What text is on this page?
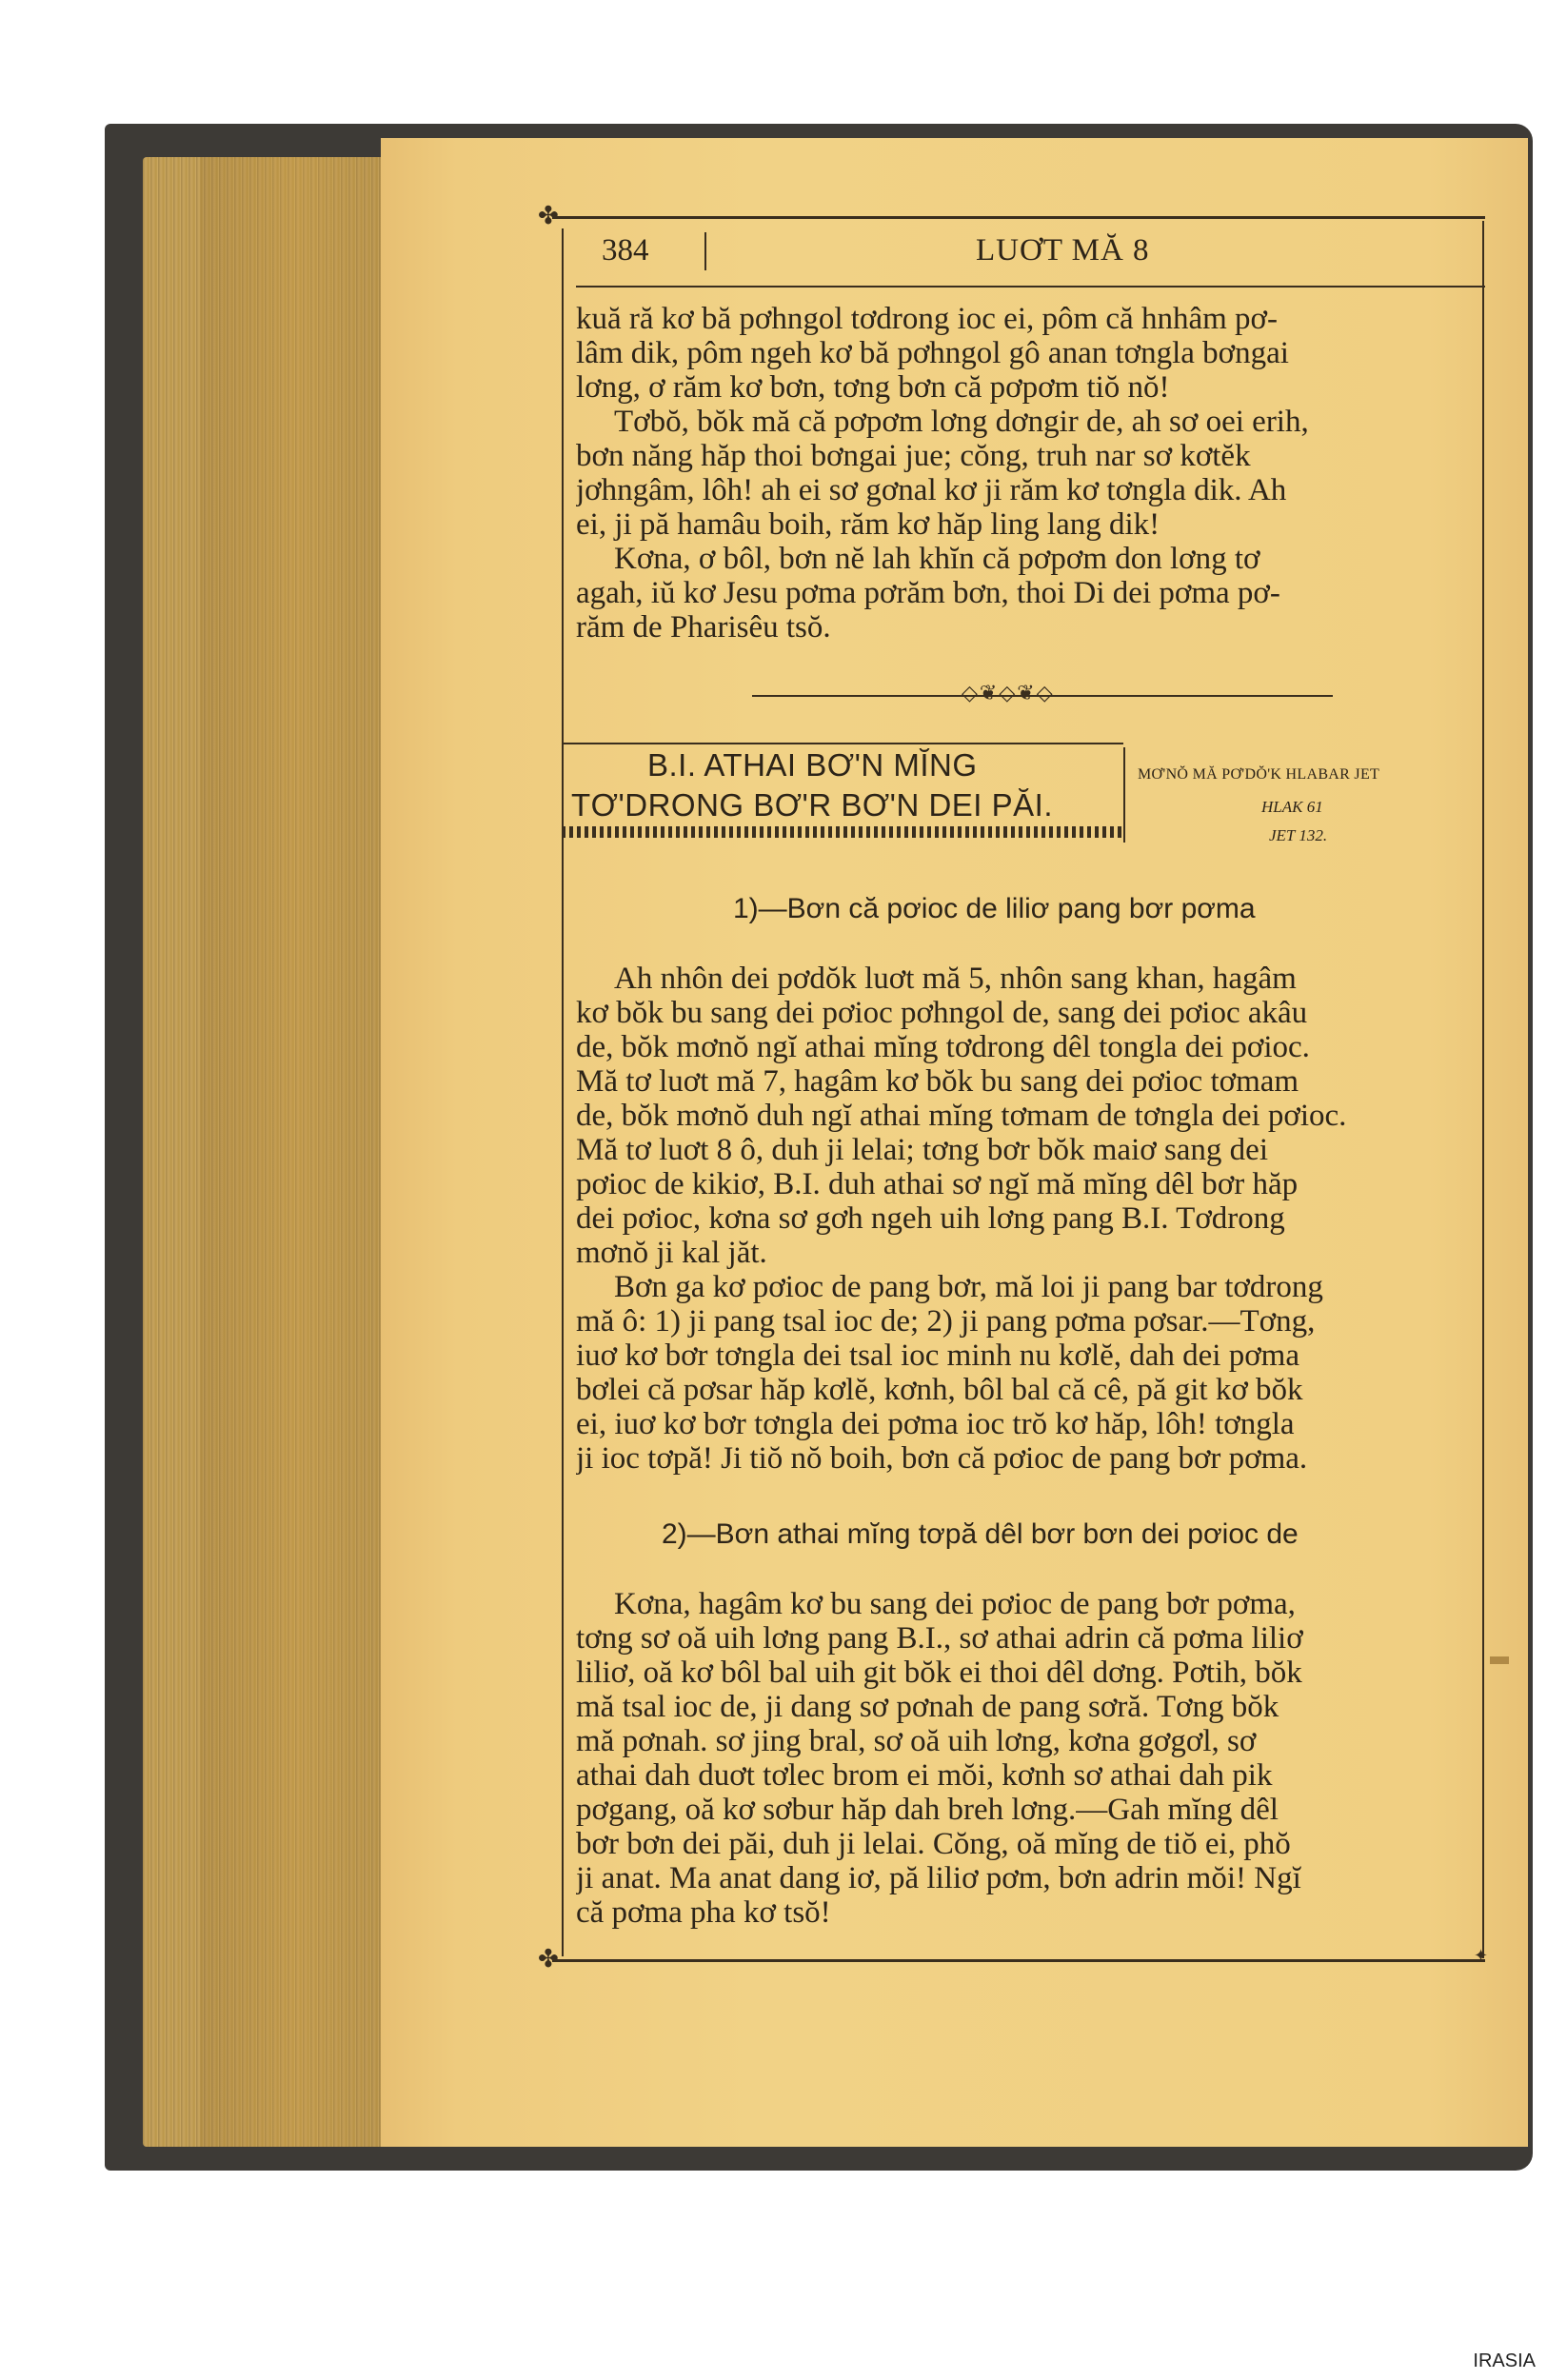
✤
✤	✦
384	LUƠT MĂ 8
kuă ră kơ bă pơhngol tơdrong ioc ei, pôm că hnhâm pơ-
lâm dik, pôm ngeh kơ bă pơhngol gô anan tơngla bơngai
lơng, ơ răm kơ bơn, tơng bơn că pơpơm tiŏ nŏ!
Tơbŏ, bŏk mă că pơpơm lơng dơngir de, ah sơ oei erih,
bơn năng hăp thoi bơngai jue; cŏng, truh nar sơ kơtĕk
jơhngâm, lôh! ah ei sơ gơnal kơ ji răm kơ tơngla dik. Ah
ei, ji pă hamâu boih, răm kơ hăp ling lang dik!
Kơna, ơ bôl, bơn nĕ lah khĭn că pơpơm don lơng tơ
agah, iŭ kơ Jesu pơma pơrăm bơn, thoi Di dei pơma pơ-
răm de Pharisêu tsŏ.
◇❦◇❦◇
B.I. ATHAI BƠ'N MĬNG
TƠ'DRONG BƠ'R BƠ'N DEI PĂI.
MƠ'NŎ MĂ PƠ'DŎ'K HLABAR JET
HLAK 61
JET 132.
1)—Bơn că pơioc de liliơ pang bơr pơma
Ah nhôn dei pơdŏk luơt mă 5, nhôn sang khan, hagâm
kơ bŏk bu sang dei pơioc pơhngol de, sang dei pơioc akâu
de, bŏk mơnŏ ngĭ athai mĭng tơdrong dêl tongla dei pơioc.
Mă tơ luơt mă 7, hagâm kơ bŏk bu sang dei pơioc tơmam
de, bŏk mơnŏ duh ngĭ athai mĭng tơmam de tơngla dei pơioc.
Mă tơ luơt 8 ô, duh ji lelai; tơng bơr bŏk maiơ sang dei
pơioc de kikiơ, B.I. duh athai sơ ngĭ mă mĭng dêl bơr hăp
dei pơioc, kơna sơ gơh ngeh uih lơng pang B.I. Tơdrong
mơnŏ ji kal jăt.
Bơn ga kơ pơioc de pang bơr, mă loi ji pang bar tơdrong
mă ô: 1) ji pang tsal ioc de; 2) ji pang pơma pơsar.—Tơng,
iuơ kơ bơr tơngla dei tsal ioc minh nu kơlĕ, dah dei pơma
bơlei că pơsar hăp kơlĕ, kơnh, bôl bal că cê, pă git kơ bŏk
ei, iuơ kơ bơr tơngla dei pơma ioc trŏ kơ hăp, lôh! tơngla
ji ioc tơpă! Ji tiŏ nŏ boih, bơn că pơioc de pang bơr pơma.
2)—Bơn athai mĭng tơpă dêl bơr bơn dei pơioc de
Kơna, hagâm kơ bu sang dei pơioc de pang bơr pơma,
tơng sơ oă uih lơng pang B.I., sơ athai adrin că pơma liliơ
liliơ, oă kơ bôl bal uih git bŏk ei thoi dêl dơng. Pơtih, bŏk
mă tsal ioc de, ji dang sơ pơnah de pang sơră. Tơng bŏk
mă pơnah. sơ jing bral, sơ oă uih lơng, kơna gơgơl, sơ
athai dah duơt tơlec brom ei mŏi, kơnh sơ athai dah pik
pơgang, oă kơ sơbur hăp dah breh lơng.—Gah mĭng dêl
bơr bơn dei păi, duh ji lelai. Cŏng, oă mĭng de tiŏ ei, phŏ
ji anat. Ma anat dang iơ, pă liliơ pơm, bơn adrin mŏi! Ngĭ
că pơma pha kơ tsŏ!
IRASIA
